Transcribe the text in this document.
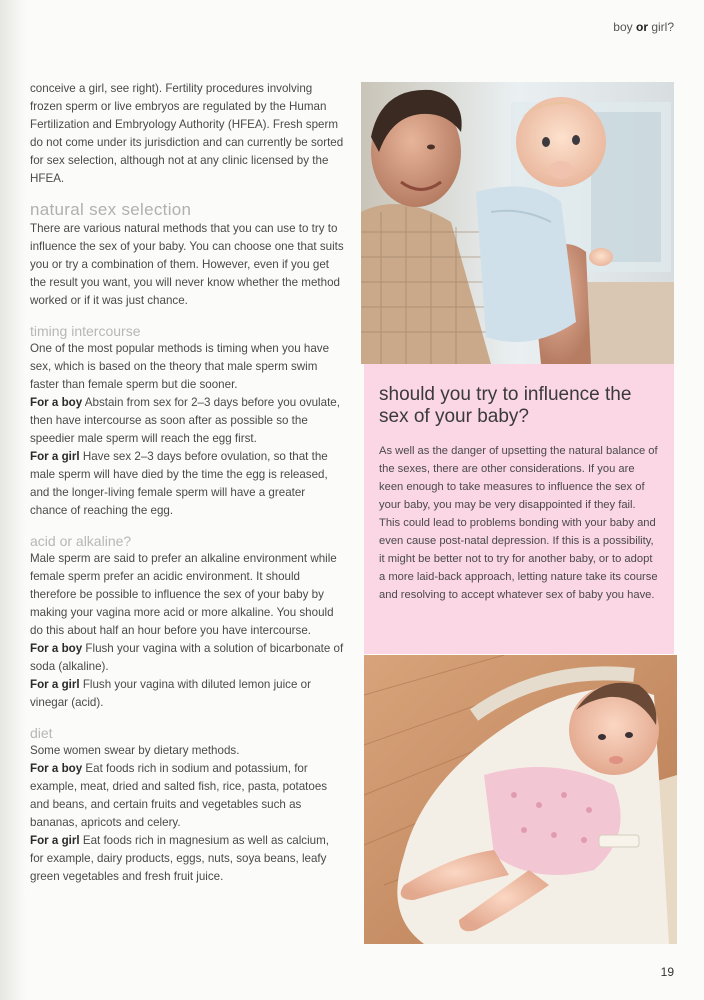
boy or girl?

conceive a girl, see right). Fertility procedures involving frozen sperm or live embryos are regulated by the Human Fertilization and Embryology Authority (HFEA). Fresh sperm do not come under its jurisdiction and can currently be sorted for sex selection, although not at any clinic licensed by the HFEA.

natural sex selection

There are various natural methods that you can use to try to influence the sex of your baby. You can choose one that suits you or try a combination of them. However, even if you get the result you want, you will never know whether the method worked or if it was just chance.

timing intercourse

One of the most popular methods is timing when you have sex, which is based on the theory that male sperm swim faster than female sperm but die sooner.

For a boy Abstain from sex for 2–3 days before you ovulate, then have intercourse as soon after as possible so the speedier male sperm will reach the egg first.

For a girl Have sex 2–3 days before ovulation, so that the male sperm will have died by the time the egg is released, and the longer-living female sperm will have a greater chance of reaching the egg.

acid or alkaline?

Male sperm are said to prefer an alkaline environment while female sperm prefer an acidic environment. It should therefore be possible to influence the sex of your baby by making your vagina more acid or more alkaline. You should do this about half an hour before you have intercourse.

For a boy Flush your vagina with a solution of bicarbonate of soda (alkaline).

For a girl Flush your vagina with diluted lemon juice or vinegar (acid).

diet

Some women swear by dietary methods.

For a boy Eat foods rich in sodium and potassium, for example, meat, dried and salted fish, rice, pasta, potatoes and beans, and certain fruits and vegetables such as bananas, apricots and celery.

For a girl Eat foods rich in magnesium as well as calcium, for example, dairy products, eggs, nuts, soya beans, leafy green vegetables and fresh fruit juice.

should you try to influence the sex of your baby?

As well as the danger of upsetting the natural balance of the sexes, there are other considerations. If you are keen enough to take measures to influence the sex of your baby, you may be very disappointed if they fail. This could lead to problems bonding with your baby and even cause post-natal depression. If this is a possibility, it might be better not to try for another baby, or to adopt a more laid-back approach, letting nature take its course and resolving to accept whatever sex of baby you have.

19
